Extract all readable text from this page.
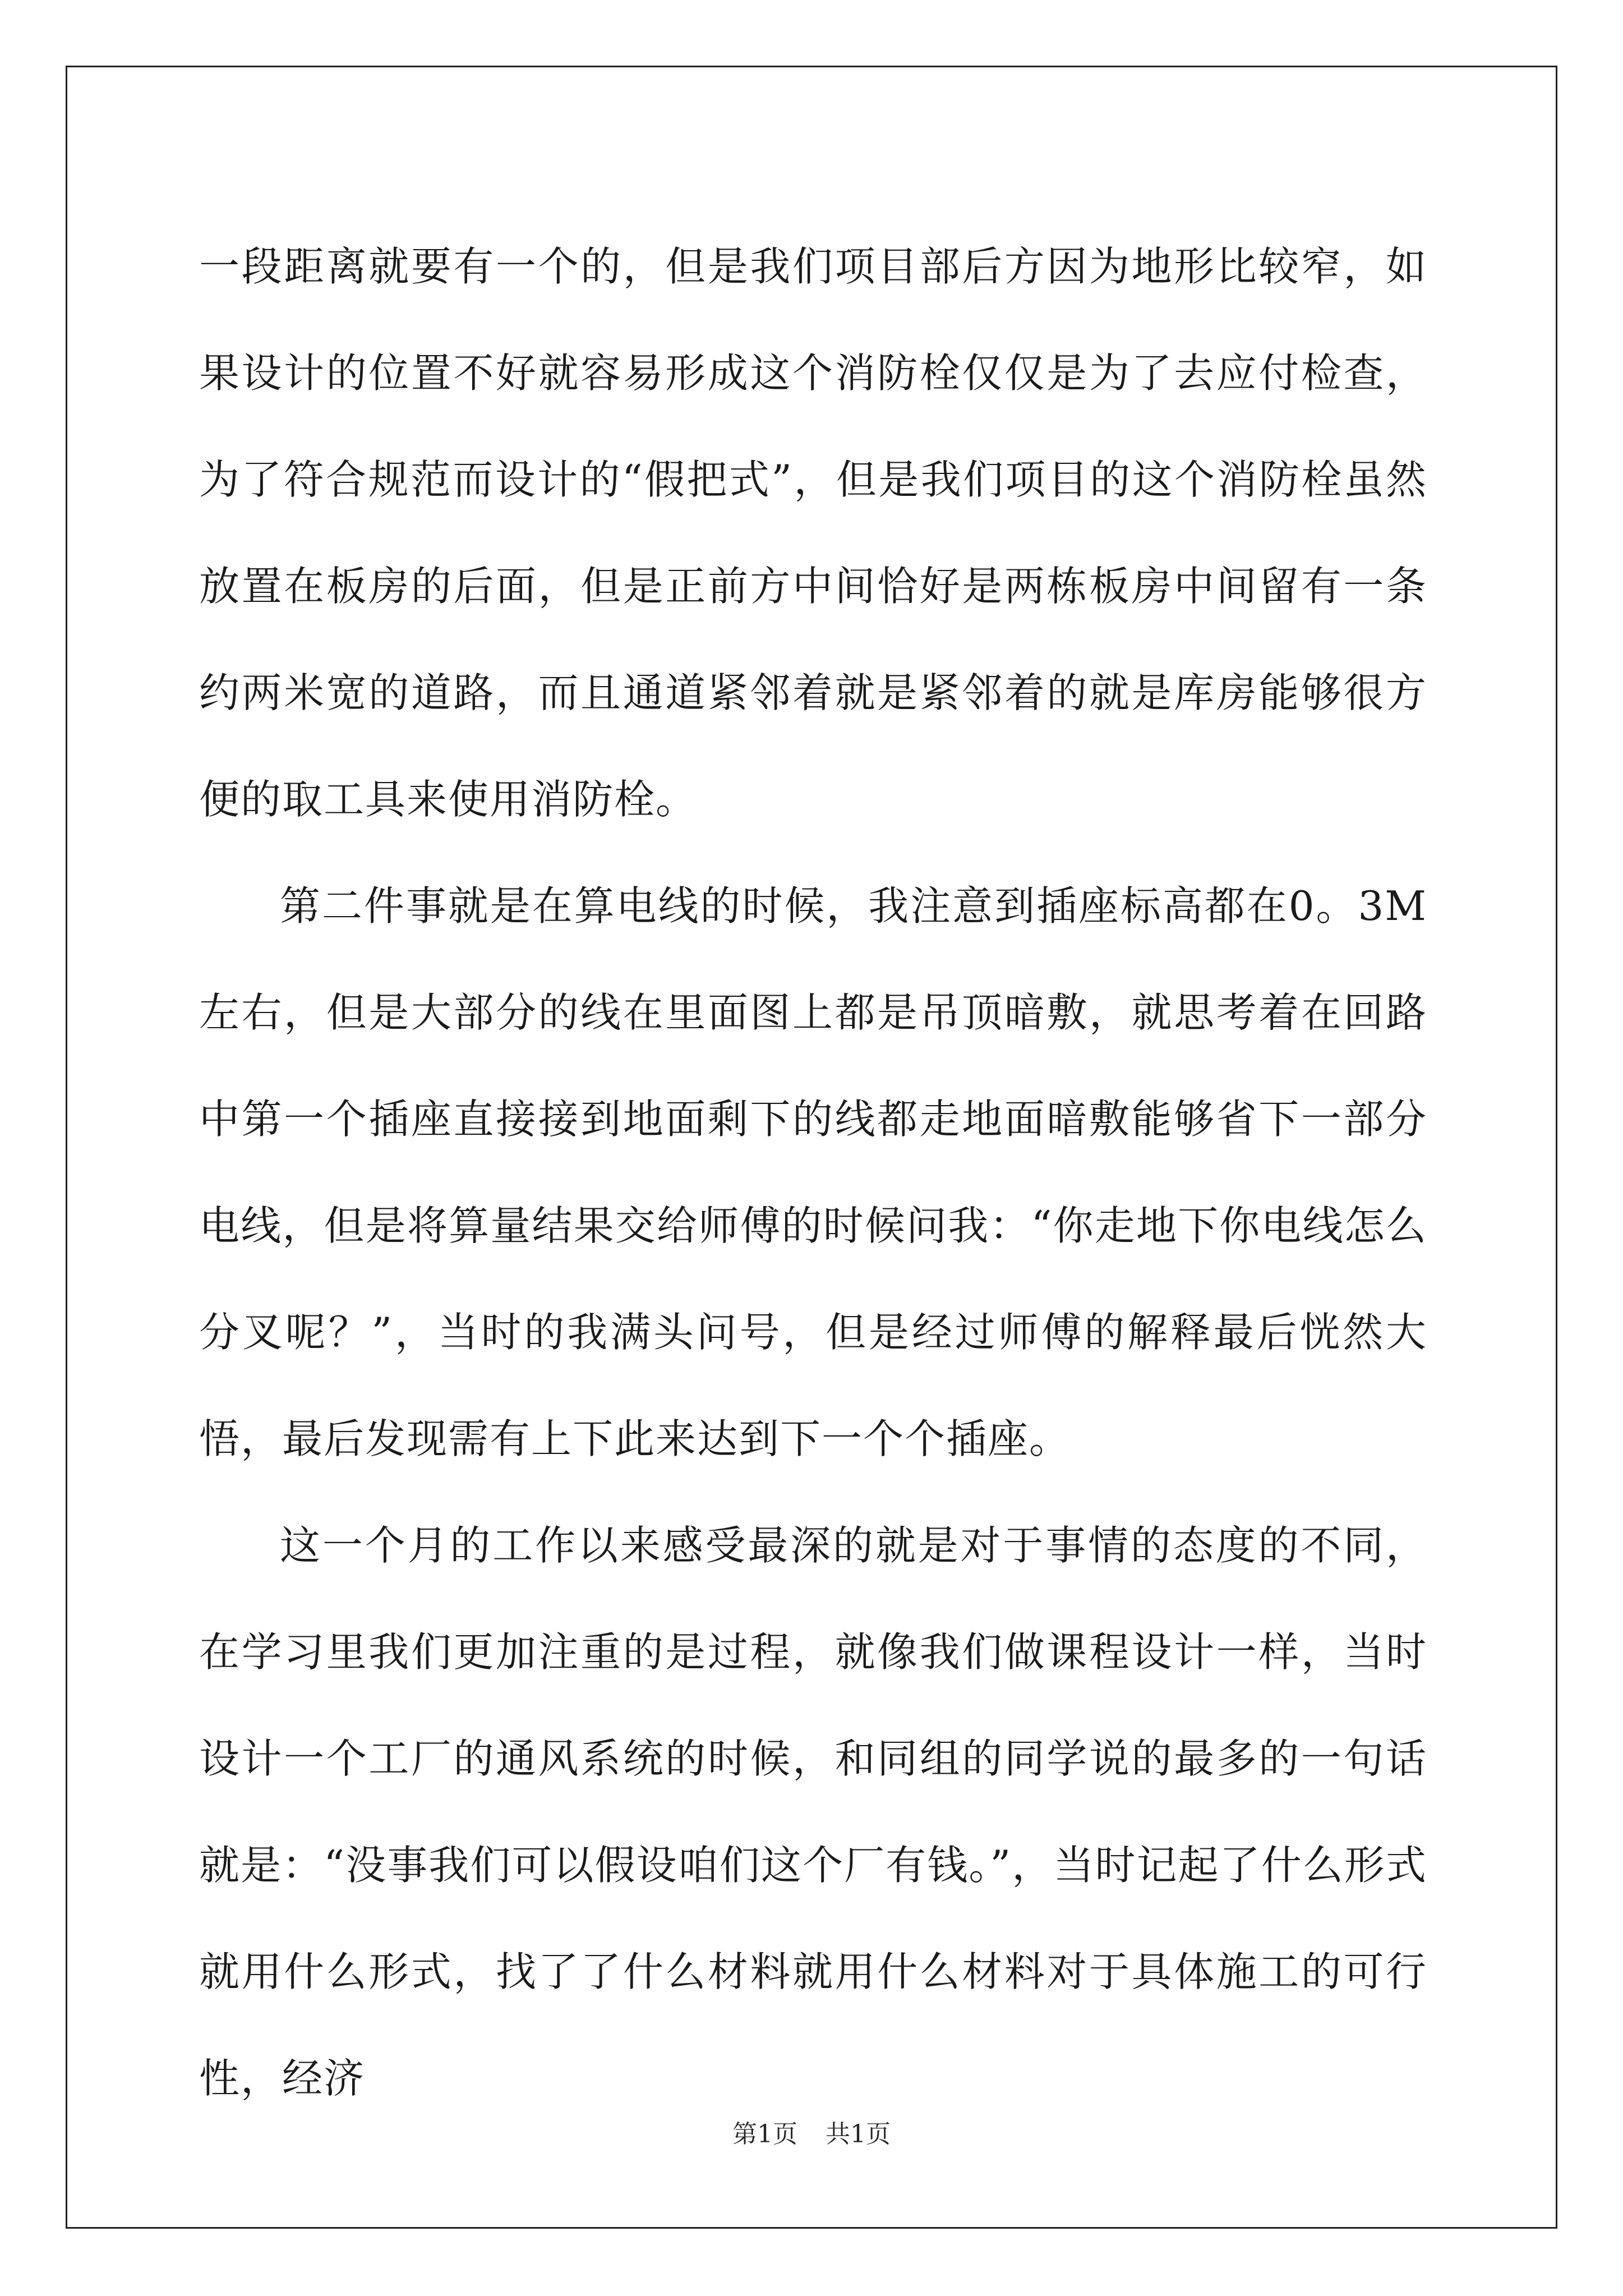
一段距离就要有一个的，但是我们项目部后方因为地形比较窄，如果设计的位置不好就容易形成这个消防栓仅仅是为了去应付检查，为了符合规范而设计的“假把式”，但是我们项目的这个消防栓虽然放置在板房的后面，但是正前方中间恰好是两栋板房中间留有一条约两米宽的道路，而且通道紧邻着就是紧邻着的就是库房能够很方便的取工具来使用消防栓。

第二件事就是在算电线的时候，我注意到插座标高都在0。3M左右，但是大部分的线在里面图上都是吊顶暗敷，就思考着在回路中第一个插座直接接到地面剩下的线都走地面暗敷能够省下一部分电线，但是将算量结果交给师傅的时候问我：“你走地下你电线怎么分叉呢？”，当时的我满头问号，但是经过师傅的解释最后恍然大悟，最后发现需有上下此来达到下一个个插座。

这一个月的工作以来感受最深的就是对于事情的态度的不同，在学习里我们更加注重的是过程，就像我们做课程设计一样，当时设计一个工厂的通风系统的时候，和同组的同学说的最多的一句话就是：“没事我们可以假设咱们这个厂有钱。”，当时记起了什么形式就用什么形式，找了了什么材料就用什么材料对于具体施工的可行性，经济

第1页 共1页
